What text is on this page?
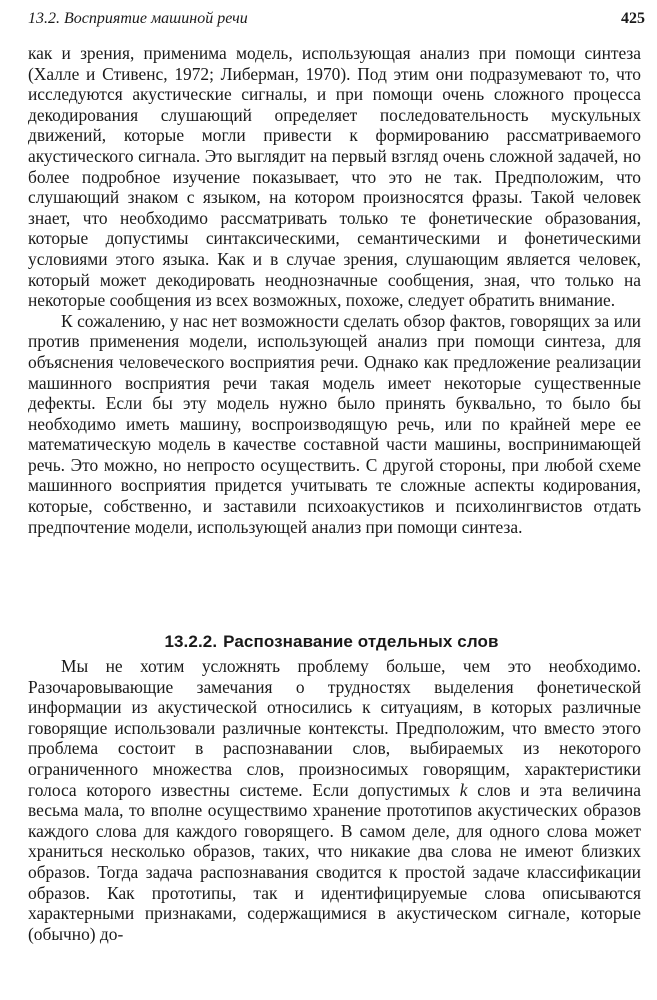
13.2. Восприятие машиной речи	425

как и зрения, применима модель, использующая анализ при помощи синтеза (Халле и Стивенс, 1972; Либерман, 1970). Под этим они подразумевают то, что исследуются акустические сигналы, и при помощи очень сложного процесса декодирования слушающий определяет последовательность мускульных движений, которые могли привести к формированию рассматриваемого акустического сигнала. Это выглядит на первый взгляд очень сложной задачей, но более подробное изучение показывает, что это не так. Предположим, что слушающий знаком с языком, на котором произносятся фразы. Такой человек знает, что необходимо рассматривать только те фонетические образования, которые допустимы синтаксическими, семантическими и фонетическими условиями этого языка. Как и в случае зрения, слушающим является человек, который может декодировать неоднозначные сообщения, зная, что только на некоторые сообщения из всех возможных, похоже, следует обратить внимание.

К сожалению, у нас нет возможности сделать обзор фактов, говорящих за или против применения модели, использующей анализ при помощи синтеза, для объяснения человеческого восприятия речи. Однако как предложение реализации машинного восприятия речи такая модель имеет некоторые существенные дефекты. Если бы эту модель нужно было принять буквально, то было бы необходимо иметь машину, воспроизводящую речь, или по крайней мере ее математическую модель в качестве составной части машины, воспринимающей речь. Это можно, но непросто осуществить. С другой стороны, при любой схеме машинного восприятия придется учитывать те сложные аспекты кодирования, которые, собственно, и заставили психоакустиков и психолингвистов отдать предпочтение модели, использующей анализ при помощи синтеза.

13.2.2. Распознавание отдельных слов

Мы не хотим усложнять проблему больше, чем это необходимо. Разочаровывающие замечания о трудностях выделения фонетической информации из акустической относились к ситуациям, в которых различные говорящие использовали различные контексты. Предположим, что вместо этого проблема состоит в распознавании слов, выбираемых из некоторого ограниченного множества слов, произносимых говорящим, характеристики голоса которого известны системе. Если допустимых k слов и эта величина весьма мала, то вполне осуществимо хранение прототипов акустических образов каждого слова для каждого говорящего. В самом деле, для одного слова может храниться несколько образов, таких, что никакие два слова не имеют близких образов. Тогда задача распознавания сводится к простой задаче классификации образов. Как прототипы, так и идентифицируемые слова описываются характерными признаками, содержащимися в акустическом сигнале, которые (обычно) до-
